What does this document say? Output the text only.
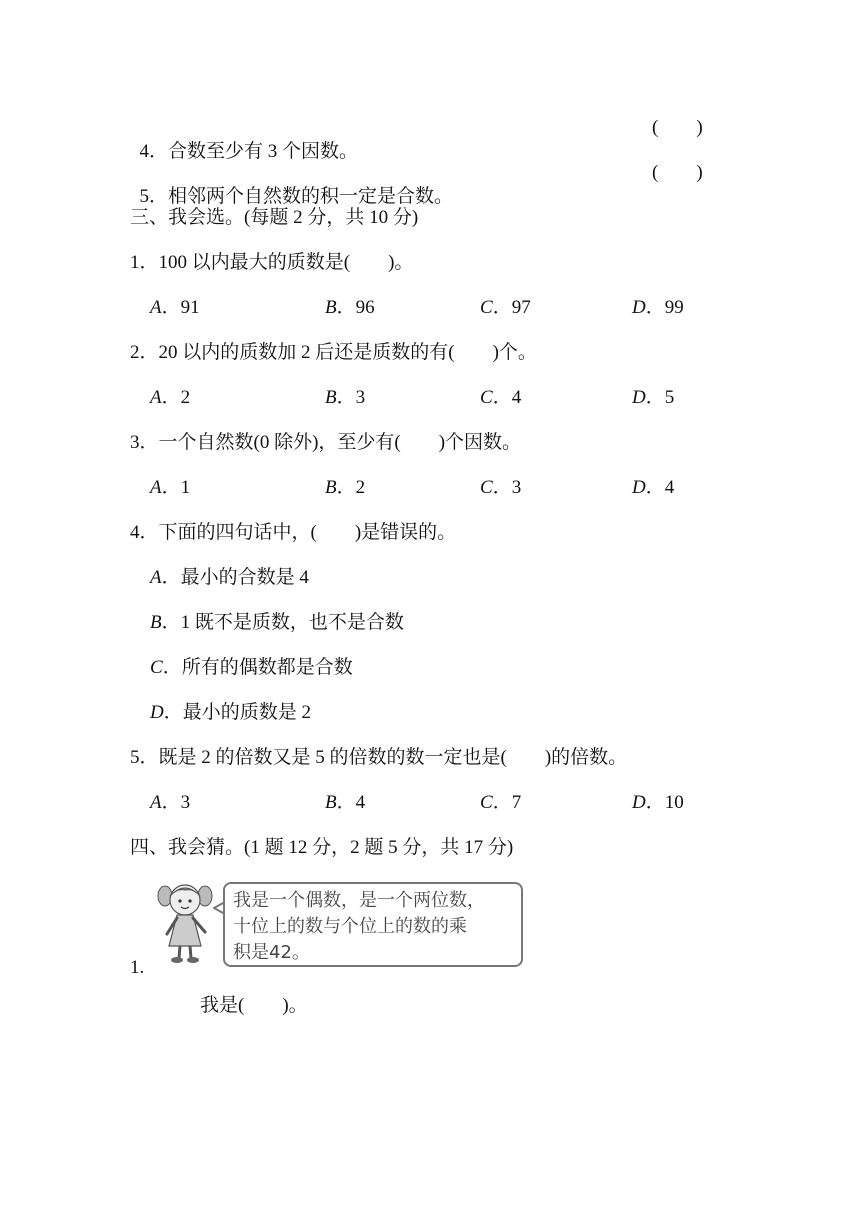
4．合数至少有 3 个因数。

(　　)

5．相邻两个自然数的积一定是合数。

(　　)
三、我会选。(每题 2 分，共 10 分)
1．100 以内最大的质数是(　　)。
A．91	B．96	C．97	D．99
2．20 以内的质数加 2 后还是质数的有(　　)个。
A．2	B．3	C．4	D．5
3．一个自然数(0 除外)，至少有(　　)个因数。
A．1	B．2	C．3	D．4
4．下面的四句话中，(　　)是错误的。
A．最小的合数是 4
B．1 既不是质数，也不是合数
C．所有的偶数都是合数
D．最小的质数是 2
5．既是 2 的倍数又是 5 的倍数的数一定也是(　　)的倍数。
A．3	B．4	C．7	D．10
四、我会猜。(1 题 12 分，2 题 5 分，共 17 分)
我是一个偶数，是一个两位数，
十位上的数与个位上的数的乘
积是42。
1.
我是(　　)。
